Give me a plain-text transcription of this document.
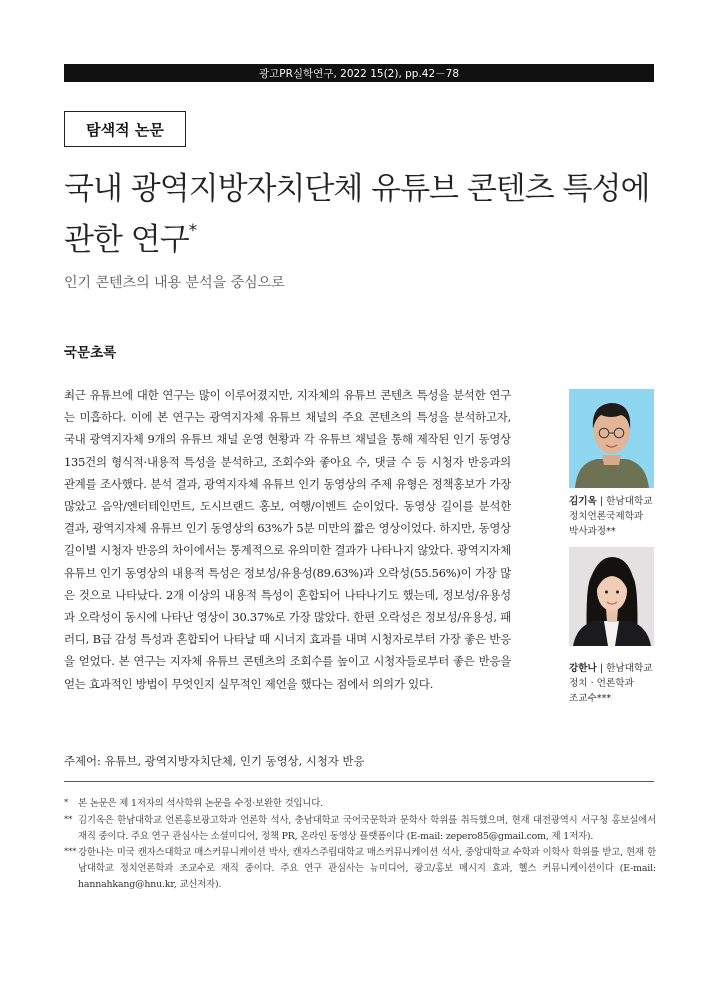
광고PR실학연구, 2022 15(2), pp.42－78
탐색적 논문
국내 광역지방자치단체 유튜브 콘텐츠 특성에
관한 연구*
인기 콘텐츠의 내용 분석을 중심으로
국문초록
최근 유튜브에 대한 연구는 많이 이루어졌지만, 지자체의 유튜브 콘텐츠 특성을 분석한 연구는 미흡하다. 이에 본 연구는 광역지자체 유튜브 채널의 주요 콘텐츠의 특성을 분석하고자, 국내 광역지자체 9개의 유튜브 채널 운영 현황과 각 유튜브 채널을 통해 제작된 인기 동영상 135건의 형식적·내용적 특성을 분석하고, 조회수와 좋아요 수, 댓글 수 등 시청자 반응과의 관계를 조사했다. 분석 결과, 광역지자체 유튜브 인기 동영상의 주제 유형은 정책홍보가 가장 많았고 음악/엔터테인먼트, 도시브랜드 홍보, 여행/이벤트 순이었다. 동영상 길이를 분석한 결과, 광역지자체 유튜브 인기 동영상의 63%가 5분 미만의 짧은 영상이었다. 하지만, 동영상 길이별 시청자 반응의 차이에서는 통계적으로 유의미한 결과가 나타나지 않았다. 광역지자체 유튜브 인기 동영상의 내용적 특성은 정보성/유용성(89.63%)과 오락성(55.56%)이 가장 많은 것으로 나타났다. 2개 이상의 내용적 특성이 혼합되어 나타나기도 했는데, 정보성/유용성과 오락성이 동시에 나타난 영상이 30.37%로 가장 많았다. 한편 오락성은 정보성/유용성, 패러디, B급 감성 특성과 혼합되어 나타날 때 시너지 효과를 내며 시청자로부터 가장 좋은 반응을 얻었다. 본 연구는 지자체 유튜브 콘텐츠의 조회수를 높이고 시청자들로부터 좋은 반응을 얻는 효과적인 방법이 무엇인지 실무적인 제언을 했다는 점에서 의의가 있다.
김기옥 | 한남대학교
정치언론국제학과
박사과정**
강한나 | 한남대학교
정치 · 언론학과
조교수***
주제어: 유튜브, 광역지방자치단체, 인기 동영상, 시청자 반응
*	본 논문은 제 1저자의 석사학위 논문을 수정·보완한 것입니다.
** 김기옥은 한남대학교 언론홍보광고학과 언론학 석사, 충남대학교 국어국문학과 문학사 학위를 취득했으며, 현재 대전광역시 서구청 홍보실에서 재직 중이다. 주요 연구 관심사는 소셜미디어, 정책 PR, 온라인 동영상 플랫폼이다 (E-mail: zepero85@gmail.com, 제 1저자).
*** 강한나는 미국 캔자스대학교 매스커뮤니케이션 박사, 캔자스주립대학교 매스커뮤니케이션 석사, 중앙대학교 수학과 이학사 학위를 받고, 현재 한남대학교 정치언론학과 조교수로 재직 중이다. 주요 연구 관심사는 뉴미디어, 광고/홍보 메시지 효과, 헬스 커뮤니케이션이다 (E-mail: hannahkang@hnu.kr, 교신저자).
